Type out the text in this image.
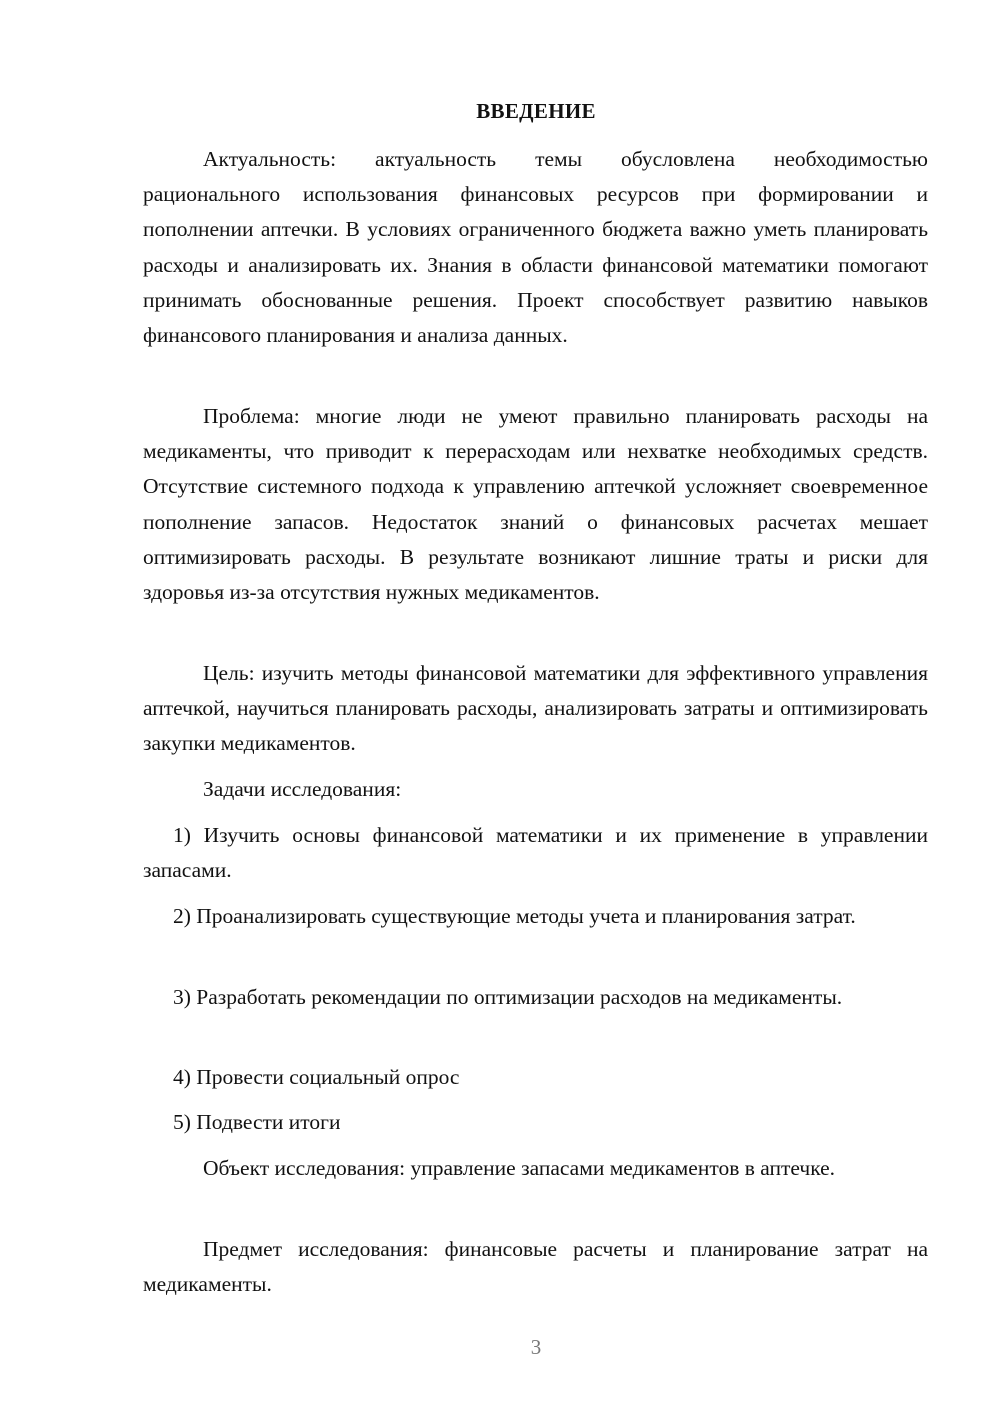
ВВЕДЕНИЕ

Актуальность: актуальность темы обусловлена необходимостью рационального использования финансовых ресурсов при формировании и пополнении аптечки. В условиях ограниченного бюджета важно уметь планировать расходы и анализировать их. Знания в области финансовой математики помогают принимать обоснованные решения. Проект способствует развитию навыков финансового планирования и анализа данных.

Проблема: многие люди не умеют правильно планировать расходы на медикаменты, что приводит к перерасходам или нехватке необходимых средств. Отсутствие системного подхода к управлению аптечкой усложняет своевременное пополнение запасов. Недостаток знаний о финансовых расчетах мешает оптимизировать расходы. В результате возникают лишние траты и риски для здоровья из-за отсутствия нужных медикаментов.

Цель: изучить методы финансовой математики для эффективного управления аптечкой, научиться планировать расходы, анализировать затраты и оптимизировать закупки медикаментов.

Задачи исследования:

1) Изучить основы финансовой математики и их применение в управлении запасами.

2) Проанализировать существующие методы учета и планирования затрат.

3) Разработать рекомендации по оптимизации расходов на медикаменты.

4) Провести социальный опрос

5) Подвести итоги

Объект исследования: управление запасами медикаментов в аптечке.

Предмет исследования: финансовые расчеты и планирование затрат на медикаменты.

3
